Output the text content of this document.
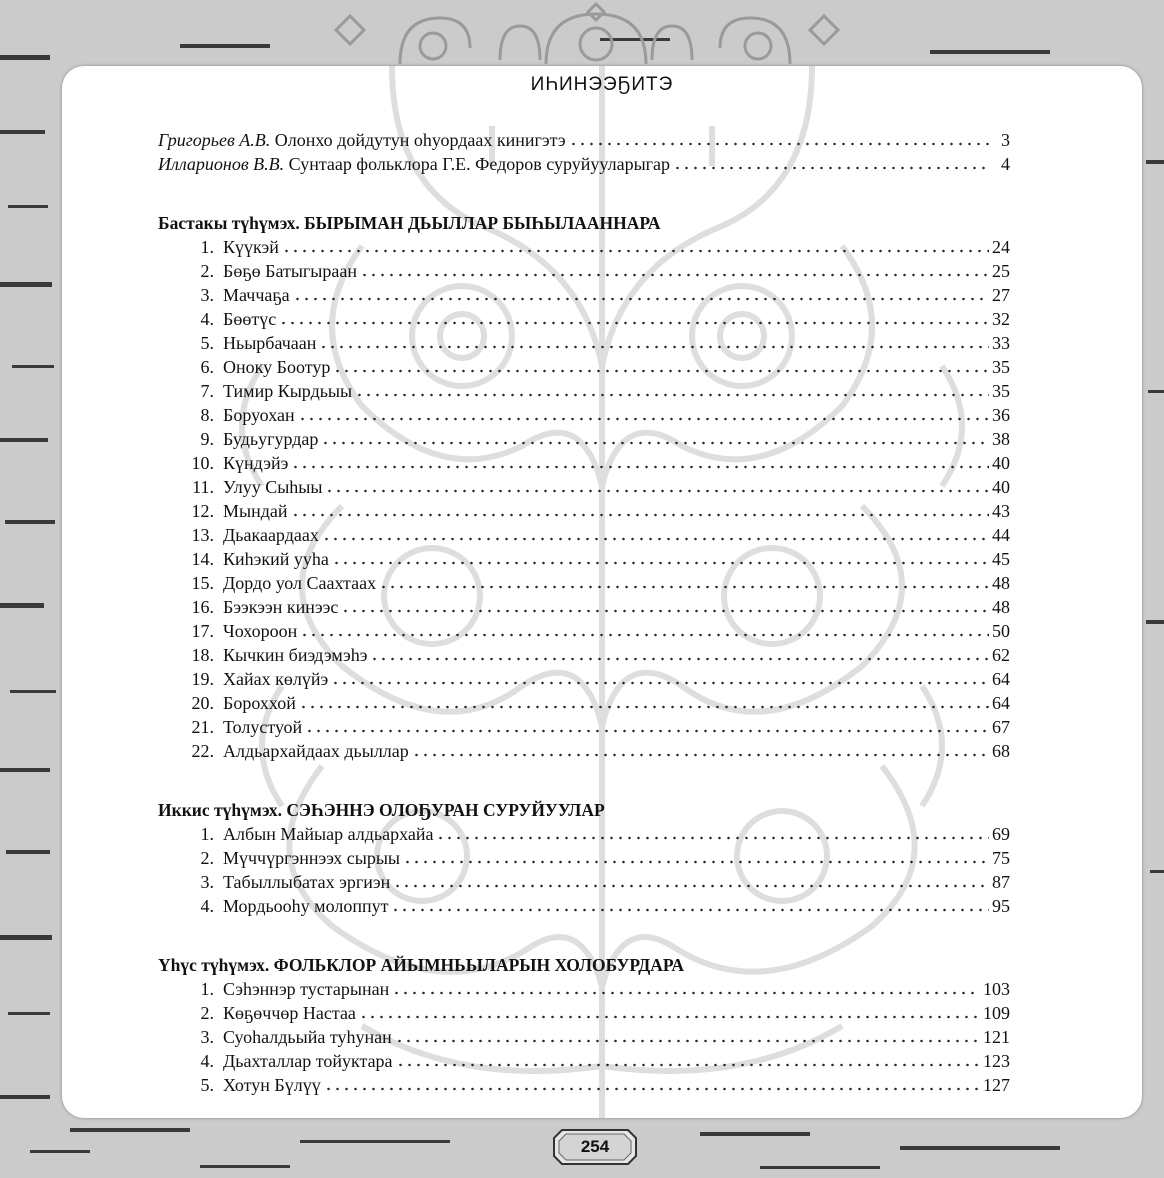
ИҺИНЭЭҔИТЭ
Григорьев А.В. Олонхо дойдутун оһуордаах кинигэтэ	3
Илларионов В.В. Сунтаар фольклора Г.Е. Федоров суруйууларыгар	4
Бастакы түһүмэх. БЫРЫМАН ДЬЫЛЛАР БЫҺЫЛААННАРА
1. Күүкэй	24
2. Бөҕө Батыгыраан	25
3. Маччаҕа	27
4. Бөөтүс	32
5. Ньырбачаан	33
6. Оноку Боотур	35
7. Тимир Кырдьыы	35
8. Боруохан	36
9. Будьугурдар	38
10. Күндэйэ	40
11. Улуу Сыһыы	40
12. Мындай	43
13. Дьакаардаах	44
14. Киһэкий ууһа	45
15. Дордо уол Саахтаах	48
16. Бээкээн кинээс	48
17. Чохороон	50
18. Кычкин биэдэмэһэ	62
19. Хайах көлүйэ	64
20. Бороххой	64
21. Толустуой	67
22. Алдьархайдаах дьыллар	68
Иккис түһүмэх. СЭҺЭННЭ ОЛОҔУРАН СУРУЙУУЛАР
1. Албын Майыар алдьархайа	69
2. Мүччүргэннээх сырыы	75
3. Табыллыбатах эргиэн	87
4. Мордьооһу молоппут	95
Үһүс түһүмэх. ФОЛЬКЛОР АЙЫМНЬЫЛАРЫН ХОЛОБУРДАРА
1. Сэһэннэр тустарынан	103
2. Көҕөччөр Настаа	109
3. Суоһалдьыйа туһунан	121
4. Дьахталлар тойуктара	123
5. Хотун Бүлүү	127
254
